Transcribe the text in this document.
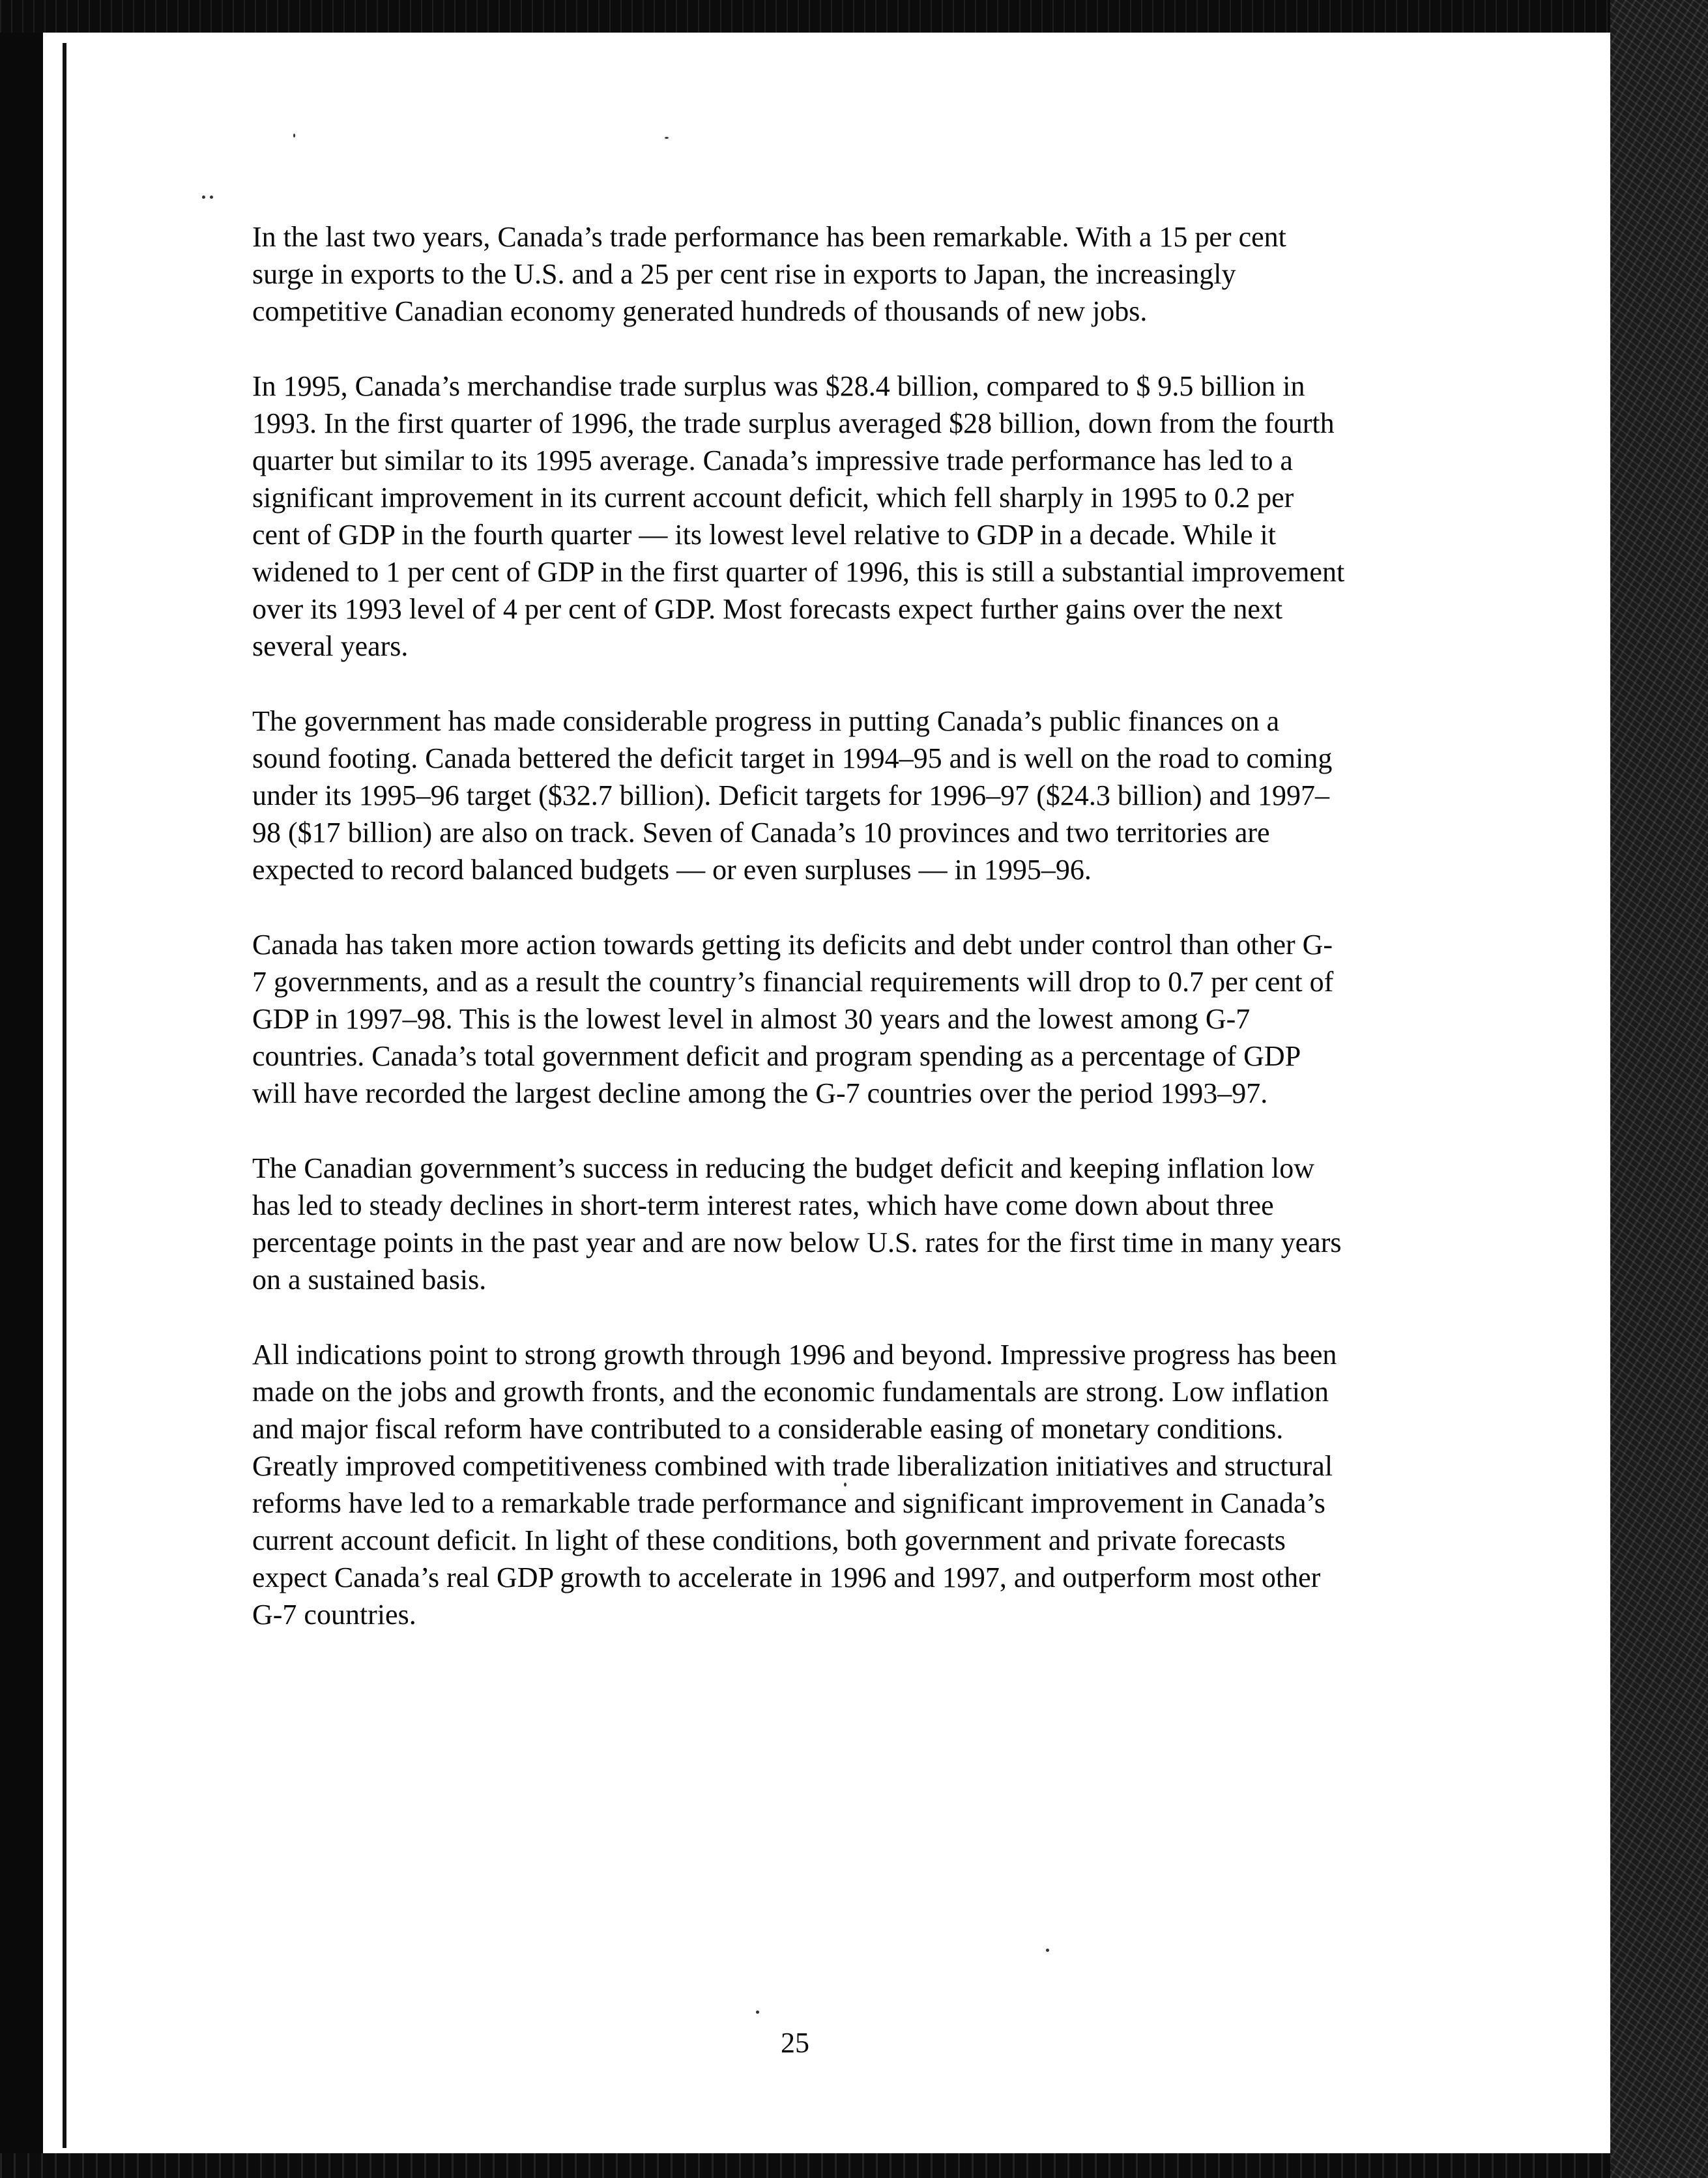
In the last two years, Canada’s trade performance has been remarkable. With a 15 per cent surge in exports to the U.S. and a 25 per cent rise in exports to Japan, the increasingly competitive Canadian economy generated hundreds of thousands of new jobs.

In 1995, Canada’s merchandise trade surplus was $28.4 billion, compared to $ 9.5 billion in 1993. In the first quarter of 1996, the trade surplus averaged $28 billion, down from the fourth quarter but similar to its 1995 average. Canada’s impressive trade performance has led to a significant improvement in its current account deficit, which fell sharply in 1995 to 0.2 per cent of GDP in the fourth quarter — its lowest level relative to GDP in a decade. While it widened to 1 per cent of GDP in the first quarter of 1996, this is still a substantial improvement over its 1993 level of 4 per cent of GDP. Most forecasts expect further gains over the next several years.

The government has made considerable progress in putting Canada’s public finances on a sound footing. Canada bettered the deficit target in 1994–95 and is well on the road to coming under its 1995–96 target ($32.7 billion). Deficit targets for 1996–97 ($24.3 billion) and 1997–98 ($17 billion) are also on track. Seven of Canada’s 10 provinces and two territories are expected to record balanced budgets — or even surpluses — in 1995–96.

Canada has taken more action towards getting its deficits and debt under control than other G-7 governments, and as a result the country’s financial requirements will drop to 0.7 per cent of GDP in 1997–98. This is the lowest level in almost 30 years and the lowest among G-7 countries. Canada’s total government deficit and program spending as a percentage of GDP will have recorded the largest decline among the G-7 countries over the period 1993–97.

The Canadian government’s success in reducing the budget deficit and keeping inflation low has led to steady declines in short-term interest rates, which have come down about three percentage points in the past year and are now below U.S. rates for the first time in many years on a sustained basis.

All indications point to strong growth through 1996 and beyond. Impressive progress has been made on the jobs and growth fronts, and the economic fundamentals are strong. Low inflation and major fiscal reform have contributed to a considerable easing of monetary conditions. Greatly improved competitiveness combined with trade liberalization initiatives and structural reforms have led to a remarkable trade performance and significant improvement in Canada’s current account deficit. In light of these conditions, both government and private forecasts expect Canada’s real GDP growth to accelerate in 1996 and 1997, and outperform most other G-7 countries.

25
